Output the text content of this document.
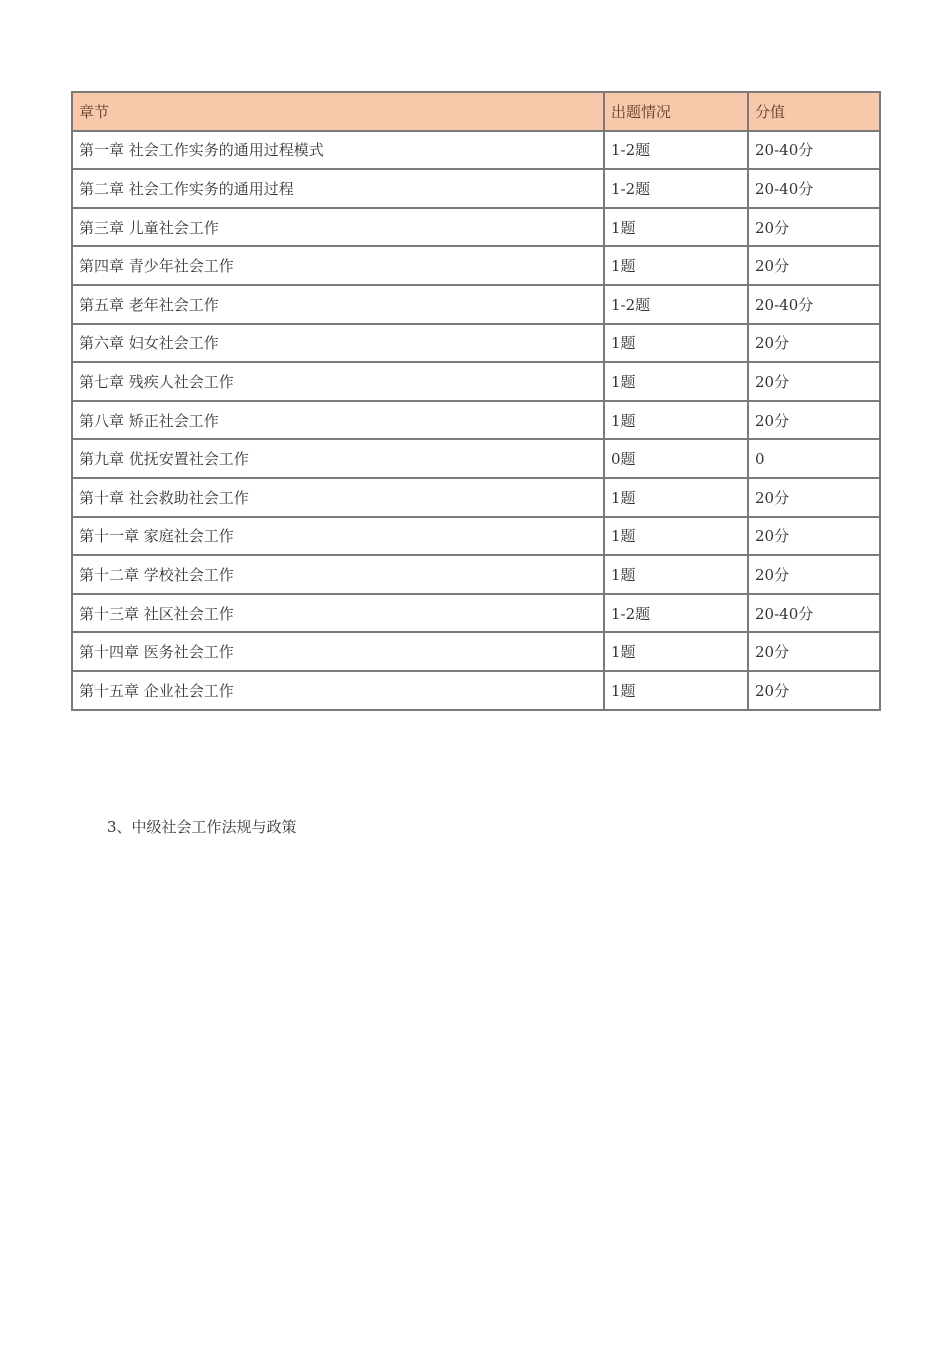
章节	出题情况	分值
第一章 社会工作实务的通用过程模式	1-2题	20-40分
第二章 社会工作实务的通用过程	1-2题	20-40分
第三章 儿童社会工作	1题	20分
第四章 青少年社会工作	1题	20分
第五章 老年社会工作	1-2题	20-40分
第六章 妇女社会工作	1题	20分
第七章 残疾人社会工作	1题	20分
第八章 矫正社会工作	1题	20分
第九章 优抚安置社会工作	0题	0
第十章 社会救助社会工作	1题	20分
第十一章 家庭社会工作	1题	20分
第十二章 学校社会工作	1题	20分
第十三章 社区社会工作	1-2题	20-40分
第十四章 医务社会工作	1题	20分
第十五章 企业社会工作	1题	20分

3、中级社会工作法规与政策
